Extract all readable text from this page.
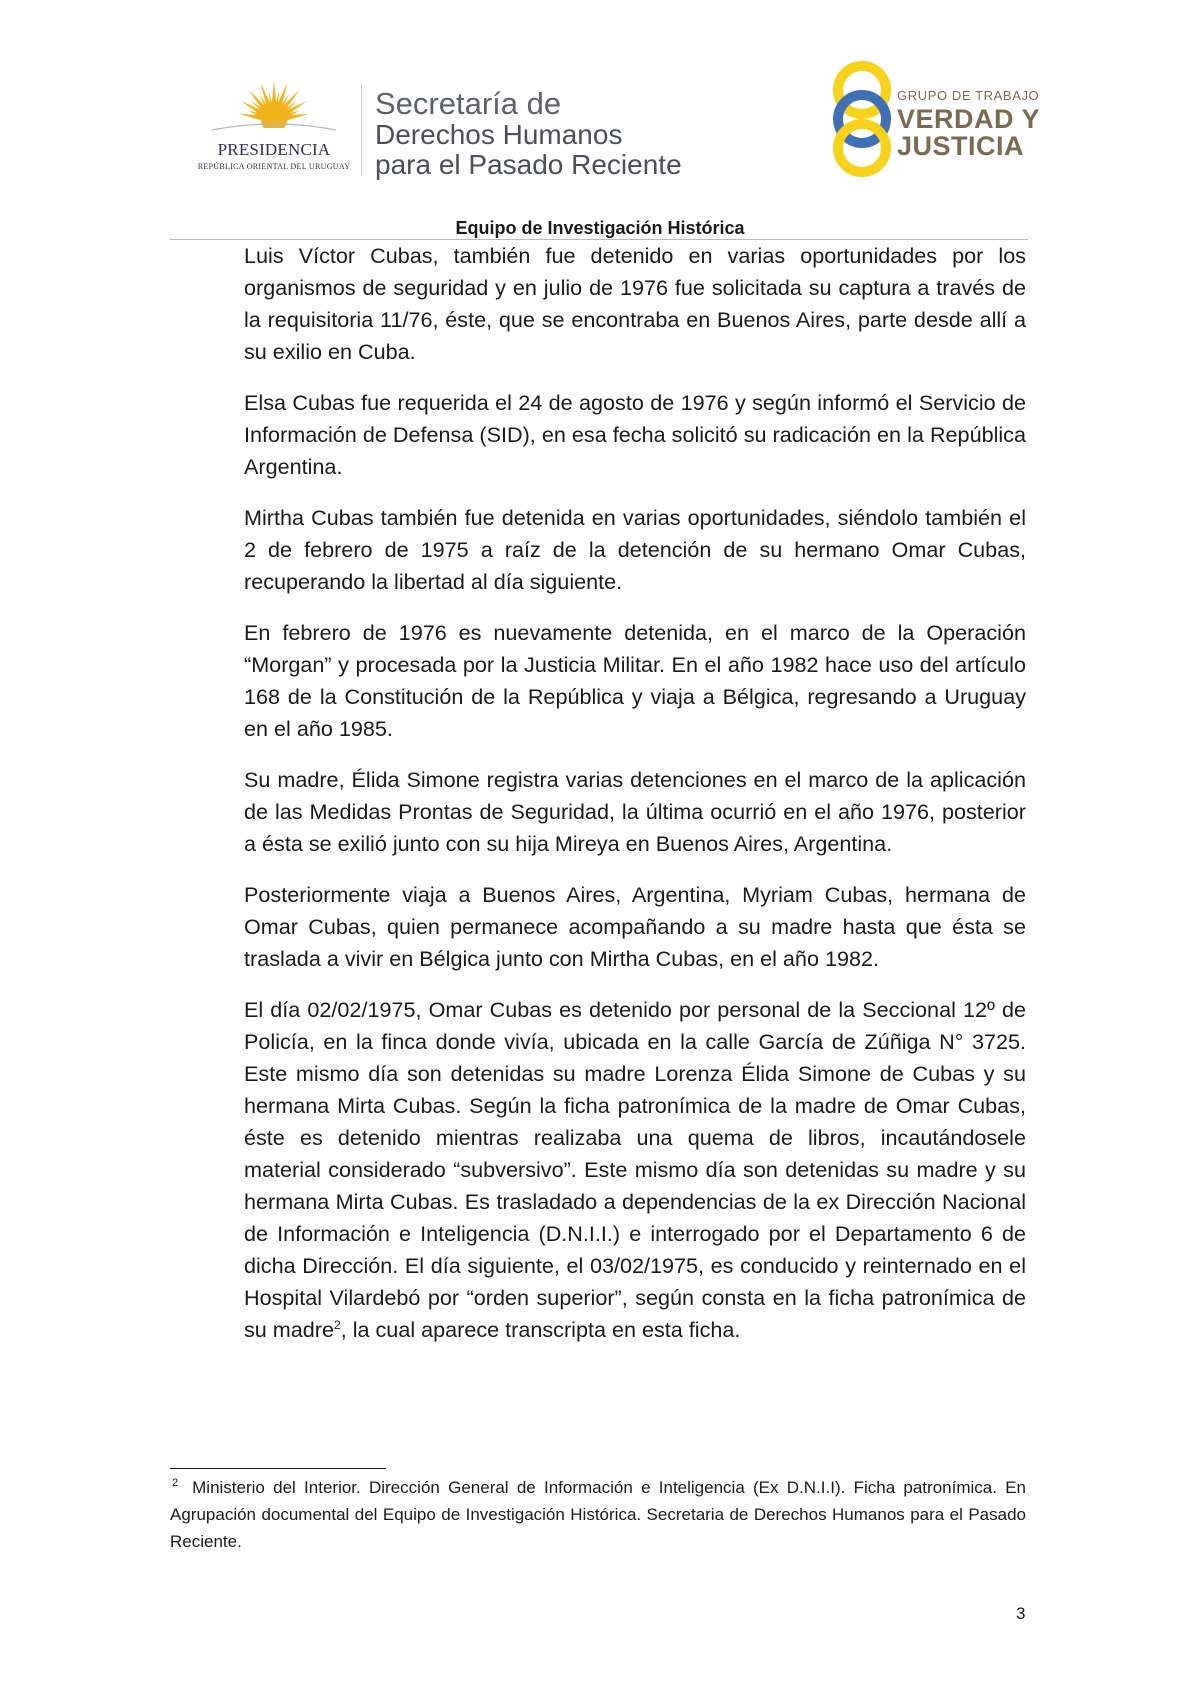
PRESIDENCIA
REPÚBLICA ORIENTAL DEL URUGUAY
Secretaría de
Derechos Humanos
para el Pasado Reciente
GRUPO DE TRABAJO
VERDAD Y
JUSTICIA
Equipo de Investigación Histórica

Luis Víctor Cubas, también fue detenido en varias oportunidades por los organismos de seguridad y en julio de 1976 fue solicitada su captura a través de la requisitoria 11/76, éste, que se encontraba en Buenos Aires, parte desde allí a su exilio en Cuba.

Elsa Cubas fue requerida el 24 de agosto de 1976 y según informó el Servicio de Información de Defensa (SID), en esa fecha solicitó su radicación en la República Argentina.

Mirtha Cubas también fue detenida en varias oportunidades, siéndolo también el 2 de febrero de 1975 a raíz de la detención de su hermano Omar Cubas, recuperando la libertad al día siguiente.

En febrero de 1976 es nuevamente detenida, en el marco de la Operación “Morgan” y procesada por la Justicia Militar. En el año 1982 hace uso del artículo 168 de la Constitución de la República y viaja a Bélgica, regresando a Uruguay en el año 1985.

Su madre, Élida Simone registra varias detenciones en el marco de la aplicación de las Medidas Prontas de Seguridad, la última ocurrió en el año 1976, posterior a ésta se exilió junto con su hija Mireya en Buenos Aires, Argentina.

Posteriormente viaja a Buenos Aires, Argentina, Myriam Cubas, hermana de Omar Cubas, quien permanece acompañando a su madre hasta que ésta se traslada a vivir en Bélgica junto con Mirtha Cubas, en el año 1982.

El día 02/02/1975, Omar Cubas es detenido por personal de la Seccional 12º de Policía, en la finca donde vivía, ubicada en la calle García de Zúñiga N° 3725. Este mismo día son detenidas su madre Lorenza Élida Simone de Cubas y su hermana Mirta Cubas. Según la ficha patronímica de la madre de Omar Cubas, éste es detenido mientras realizaba una quema de libros, incautándosele material considerado “subversivo”. Este mismo día son detenidas su madre y su hermana Mirta Cubas. Es trasladado a dependencias de la ex Dirección Nacional de Información e Inteligencia (D.N.I.I.) e interrogado por el Departamento 6 de dicha Dirección. El día siguiente, el 03/02/1975, es conducido y reinternado en el Hospital Vilardebó por “orden superior”, según consta en la ficha patronímica de su madre$^2$, la cual aparece transcripta en esta ficha.

$^2$ Ministerio del Interior. Dirección General de Información e Inteligencia (Ex D.N.I.I). Ficha patronímica. En Agrupación documental del Equipo de Investigación Histórica. Secretaria de Derechos Humanos para el Pasado Reciente.
3
